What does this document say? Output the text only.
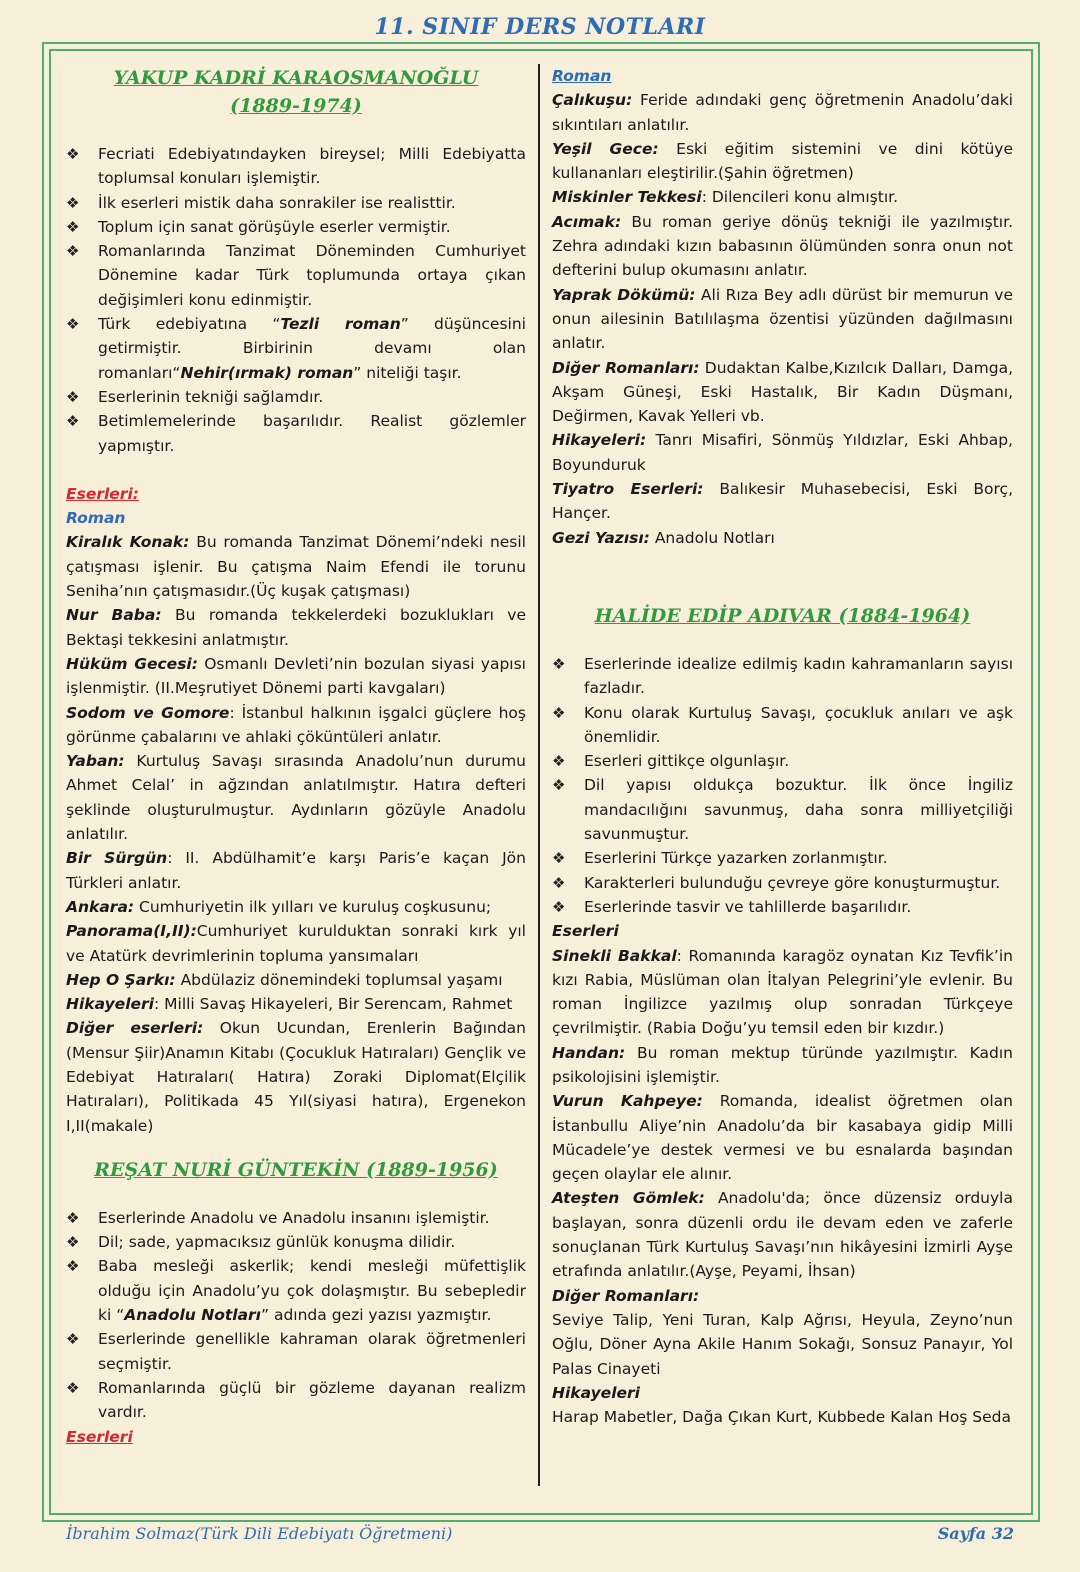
11. SINIF DERS NOTLARI
YAKUP KADRİ KARAOSMANOĞLU
(1889-1974)
❖ Fecriati Edebiyatındayken bireysel; Milli Edebiyatta toplumsal konuları işlemiştir.
❖ İlk eserleri mistik daha sonrakiler ise realisttir.
❖ Toplum için sanat görüşüyle eserler vermiştir.
❖ Romanlarında Tanzimat Döneminden Cumhuriyet Dönemine kadar Türk toplumunda ortaya çıkan değişimleri konu edinmiştir.
❖ Türk edebiyatına “Tezli roman” düşüncesini getirmiştir. Birbirinin devamı olan romanları“Nehir(ırmak) roman” niteliği taşır.
❖ Eserlerinin tekniği sağlamdır.
❖ Betimlemelerinde başarılıdır. Realist gözlemler yapmıştır.
Eserleri:
Roman
Kiralık Konak: Bu romanda Tanzimat Dönemi’ndeki nesil çatışması işlenir. Bu çatışma Naim Efendi ile torunu Seniha’nın çatışmasıdır.(Üç kuşak çatışması)
Nur Baba: Bu romanda tekkelerdeki bozuklukları ve Bektaşi tekkesini anlatmıştır.
Hüküm Gecesi: Osmanlı Devleti’nin bozulan siyasi yapısı işlenmiştir. (II.Meşrutiyet Dönemi parti kavgaları)
Sodom ve Gomore: İstanbul halkının işgalci güçlere hoş görünme çabalarını ve ahlaki çöküntüleri anlatır.
Yaban: Kurtuluş Savaşı sırasında Anadolu’nun durumu Ahmet Celal’ in ağzından anlatılmıştır. Hatıra defteri şeklinde oluşturulmuştur. Aydınların gözüyle Anadolu anlatılır.
Bir Sürgün: II. Abdülhamit’e karşı Paris’e kaçan Jön Türkleri anlatır.
Ankara: Cumhuriyetin ilk yılları ve kuruluş coşkusunu;
Panorama(I,II):Cumhuriyet kurulduktan sonraki kırk yıl ve Atatürk devrimlerinin topluma yansımaları
Hep O Şarkı: Abdülaziz dönemindeki toplumsal yaşamı
Hikayeleri: Milli Savaş Hikayeleri, Bir Serencam, Rahmet
Diğer eserleri: Okun Ucundan, Erenlerin Bağından (Mensur Şiir)Anamın Kitabı (Çocukluk Hatıraları) Gençlik ve Edebiyat Hatıraları( Hatıra) Zoraki Diplomat(Elçilik Hatıraları), Politikada 45 Yıl(siyasi hatıra), Ergenekon I,II(makale)
REŞAT NURİ GÜNTEKİN (1889-1956)
❖ Eserlerinde Anadolu ve Anadolu insanını işlemiştir.
❖ Dil; sade, yapmacıksız günlük konuşma dilidir.
❖ Baba mesleği askerlik; kendi mesleği müfettişlik olduğu için Anadolu’yu çok dolaşmıştır. Bu sebepledir ki “Anadolu Notları” adında gezi yazısı yazmıştır.
❖ Eserlerinde genellikle kahraman olarak öğretmenleri seçmiştir.
❖ Romanlarında güçlü bir gözleme dayanan realizm vardır.
Eserleri
Roman
Çalıkuşu: Feride adındaki genç öğretmenin Anadolu’daki sıkıntıları anlatılır.
Yeşil Gece: Eski eğitim sistemini ve dini kötüye kullananları eleştirilir.(Şahin öğretmen)
Miskinler Tekkesi: Dilencileri konu almıştır.
Acımak: Bu roman geriye dönüş tekniği ile yazılmıştır. Zehra adındaki kızın babasının ölümünden sonra onun not defterini bulup okumasını anlatır.
Yaprak Dökümü: Ali Rıza Bey adlı dürüst bir memurun ve onun ailesinin Batılılaşma özentisi yüzünden dağılmasını anlatır.
Diğer Romanları: Dudaktan Kalbe,Kızılcık Dalları, Damga, Akşam Güneşi, Eski Hastalık, Bir Kadın Düşmanı, Değirmen, Kavak Yelleri vb.
Hikayeleri: Tanrı Misafiri, Sönmüş Yıldızlar, Eski Ahbap, Boyunduruk
Tiyatro Eserleri: Balıkesir Muhasebecisi, Eski Borç, Hançer.
Gezi Yazısı: Anadolu Notları
HALİDE EDİP ADIVAR (1884-1964)
❖ Eserlerinde idealize edilmiş kadın kahramanların sayısı fazladır.
❖ Konu olarak Kurtuluş Savaşı, çocukluk anıları ve aşk önemlidir.
❖ Eserleri gittikçe olgunlaşır.
❖ Dil yapısı oldukça bozuktur. İlk önce İngiliz mandacılığını savunmuş, daha sonra milliyetçiliği savunmuştur.
❖ Eserlerini Türkçe yazarken zorlanmıştır.
❖ Karakterleri bulunduğu çevreye göre konuşturmuştur.
❖ Eserlerinde tasvir ve tahlillerde başarılıdır.
Eserleri
Sinekli Bakkal: Romanında karagöz oynatan Kız Tevfik’in kızı Rabia, Müslüman olan İtalyan Pelegrini’yle evlenir. Bu roman İngilizce yazılmış olup sonradan Türkçeye çevrilmiştir. (Rabia Doğu’yu temsil eden bir kızdır.)
Handan: Bu roman mektup türünde yazılmıştır. Kadın psikolojisini işlemiştir.
Vurun Kahpeye: Romanda, idealist öğretmen olan İstanbullu Aliye’nin Anadolu’da bir kasabaya gidip Milli Mücadele’ye destek vermesi ve bu esnalarda başından geçen olaylar ele alınır.
Ateşten Gömlek: Anadolu'da; önce düzensiz orduyla başlayan, sonra düzenli ordu ile devam eden ve zaferle sonuçlanan Türk Kurtuluş Savaşı’nın hikâyesini İzmirli Ayşe etrafında anlatılır.(Ayşe, Peyami, İhsan)
Diğer Romanları:
Seviye Talip, Yeni Turan, Kalp Ağrısı, Heyula, Zeyno’nun Oğlu, Döner Ayna Akile Hanım Sokağı, Sonsuz Panayır, Yol Palas Cinayeti
Hikayeleri
Harap Mabetler, Dağa Çıkan Kurt, Kubbede Kalan Hoş Seda
İbrahim Solmaz(Türk Dili Edebiyatı Öğretmeni)	Sayfa 32
